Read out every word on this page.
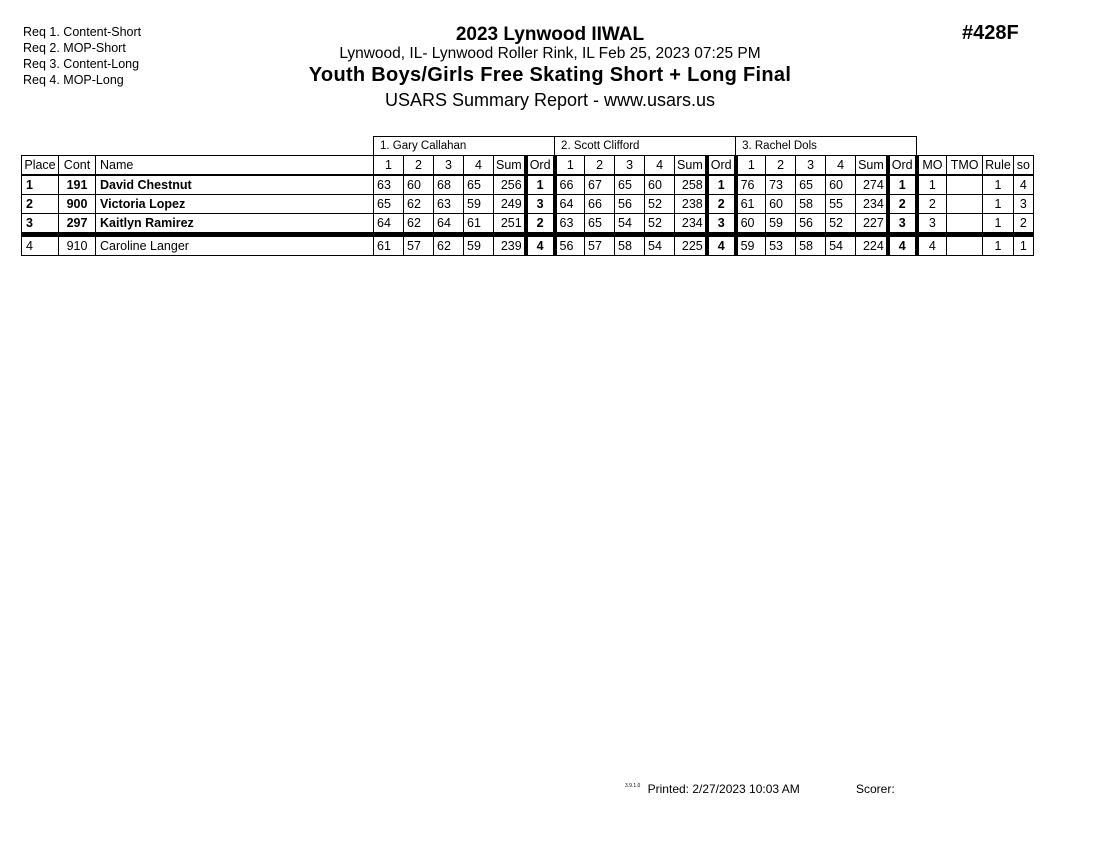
Req 1. Content-Short
Req 2. MOP-Short
Req 3. Content-Long
Req 4. MOP-Long
2023 Lynwood IIWAL
Lynwood, IL- Lynwood Roller Rink, IL Feb 25, 2023 07:25 PM
Youth Boys/Girls Free Skating Short + Long Final
USARS Summary Report - www.usars.us
#428F
			1. Gary Callahan						2. Scott Clifford						3. Rachel Dols									
Place	Cont	Name	1	2	3	4	Sum	Ord	1	2	3	4	Sum	Ord	1	2	3	4	Sum	Ord	MO	TMO	Rule	so
1	191	David Chestnut	63	60	68	65	256	1	66	67	65	60	258	1	76	73	65	60	274	1	1		1	4
2	900	Victoria Lopez	65	62	63	59	249	3	64	66	56	52	238	2	61	60	58	55	234	2	2		1	3
3	297	Kaitlyn Ramirez	64	62	64	61	251	2	63	65	54	52	234	3	60	59	56	52	227	3	3		1	2
4	910	Caroline Langer	61	57	62	59	239	4	56	57	58	54	225	4	59	53	58	54	224	4	4		1	1
$^{3.9.1.0}$ Printed: 2/27/2023 10:03 AM	Scorer:
